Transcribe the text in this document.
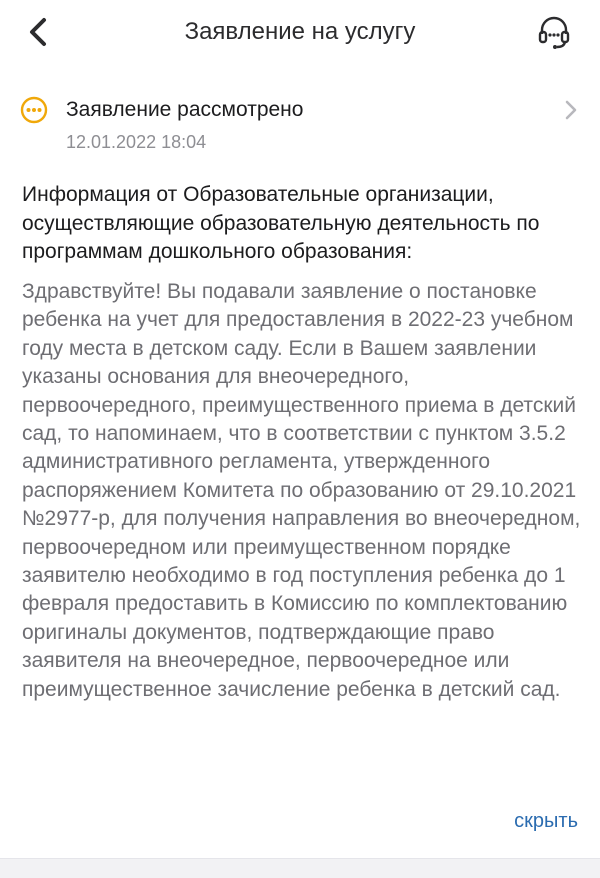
Заявление на услугу
Заявление рассмотрено
12.01.2022 18:04
Информация от Образовательные организации, осуществляющие образовательную деятельность по программам дошкольного образования:
Здравствуйте! Вы подавали заявление о постановке ребенка на учет для предоставления в 2022-23 учебном году места в детском саду. Если в Вашем заявлении указаны основания для внеочередного, первоочередного, преимущественного приема в детский сад, то напоминаем, что в соответствии с пунктом 3.5.2 административного регламента, утвержденного распоряжением Комитета по образованию от 29.10.2021 №2977-р, для получения направления во внеочередном, первоочередном или преимущественном порядке заявителю необходимо в год поступления ребенка до 1 февраля предоставить в Комиссию по комплектованию оригиналы документов, подтверждающие право заявителя на внеочередное, первоочередное или преимущественное зачисление ребенка в детский сад.
скрыть
